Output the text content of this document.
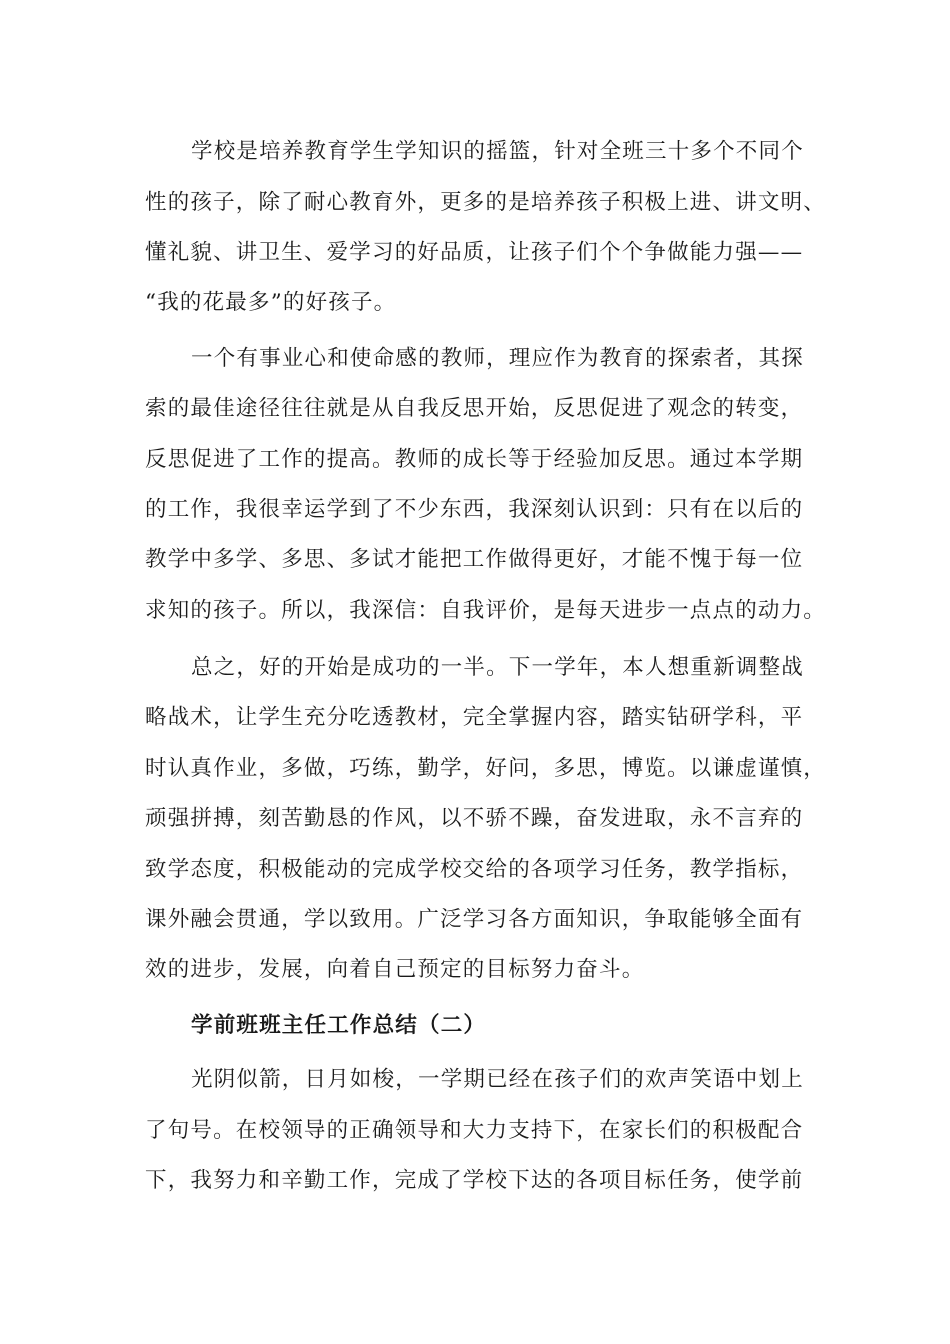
学校是培养教育学生学知识的摇篮，针对全班三十多个不同个
性的孩子，除了耐心教育外，更多的是培养孩子积极上进、讲文明、
懂礼貌、讲卫生、爱学习的好品质，让孩子们个个争做能力强——
“我的花最多”的好孩子。
一个有事业心和使命感的教师，理应作为教育的探索者，其探
索的最佳途径往往就是从自我反思开始，反思促进了观念的转变，
反思促进了工作的提高。教师的成长等于经验加反思。通过本学期
的工作，我很幸运学到了不少东西，我深刻认识到：只有在以后的
教学中多学、多思、多试才能把工作做得更好，才能不愧于每一位
求知的孩子。所以，我深信：自我评价，是每天进步一点点的动力。
总之，好的开始是成功的一半。下一学年，本人想重新调整战
略战术，让学生充分吃透教材，完全掌握内容，踏实钻研学科，平
时认真作业，多做，巧练，勤学，好问，多思，博览。以谦虚谨慎，
顽强拼搏，刻苦勤恳的作风，以不骄不躁，奋发进取，永不言弃的
致学态度，积极能动的完成学校交给的各项学习任务，教学指标，
课外融会贯通，学以致用。广泛学习各方面知识，争取能够全面有
效的进步，发展，向着自己预定的目标努力奋斗。
学前班班主任工作总结（二）
光阴似箭，日月如梭，一学期已经在孩子们的欢声笑语中划上
了句号。在校领导的正确领导和大力支持下，在家长们的积极配合
下，我努力和辛勤工作，完成了学校下达的各项目标任务，使学前
